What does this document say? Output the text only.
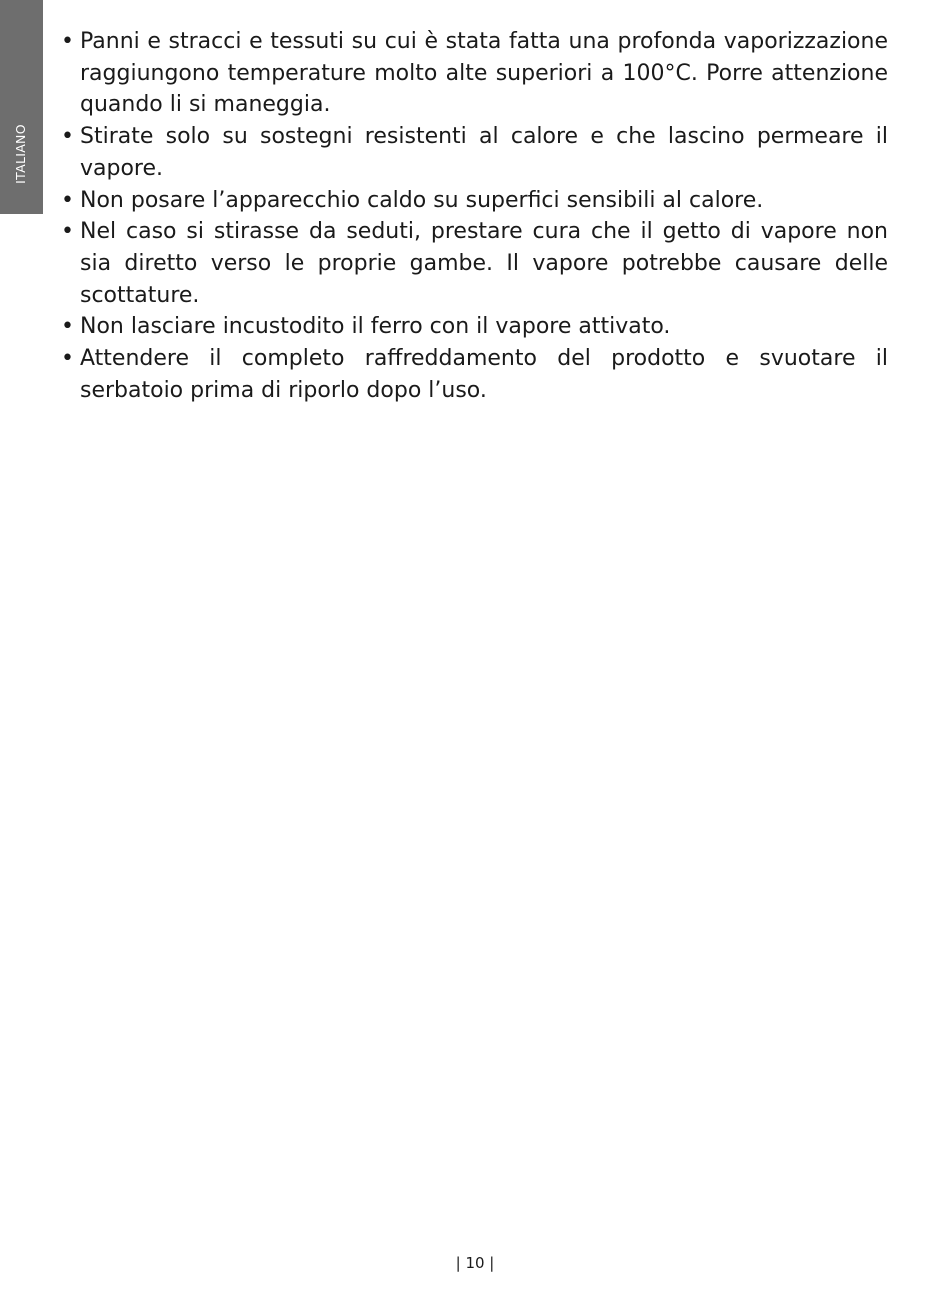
ITALIANO
• Panni e stracci e tessuti su cui è stata fatta una profonda vaporizzazione raggiungono temperature molto alte superiori a 100°C. Porre attenzione quando li si maneggia.
• Stirate solo su sostegni resistenti al calore e che lascino permeare il vapore.
• Non posare l’apparecchio caldo su superfici sensibili al calore.
• Nel caso si stirasse da seduti, prestare cura che il getto di vapore non sia diretto verso le proprie gambe. Il vapore potrebbe causare delle scottature.
• Non lasciare incustodito il ferro con il vapore attivato.
• Attendere il completo raffreddamento del prodotto e svuotare il serbatoio prima di riporlo dopo l’uso.
| 10 |
